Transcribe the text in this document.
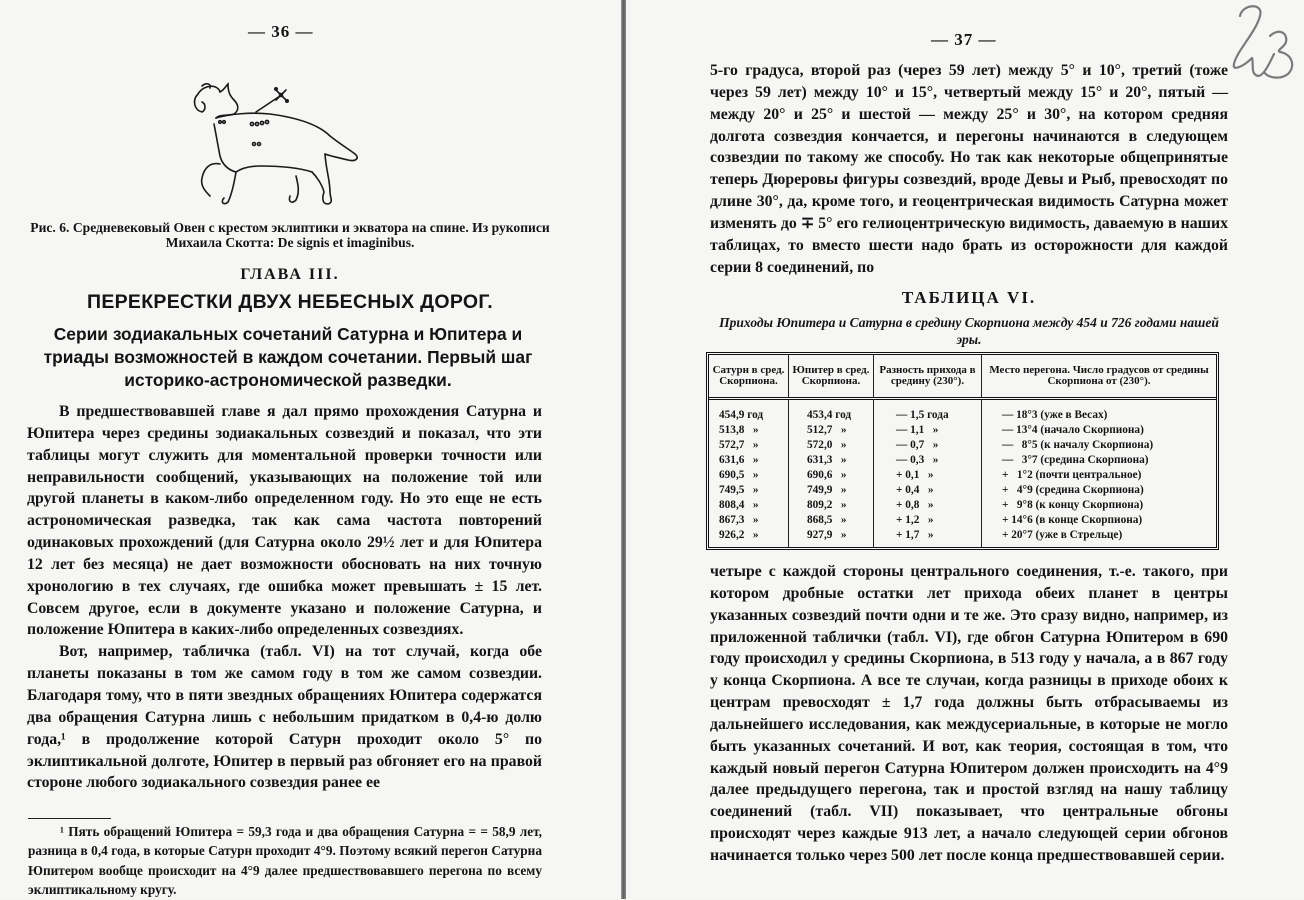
— 36 —
Рис. 6. Средневековый Овен с крестом эклиптики и экватора на спине. Из рукописи Михаила Скотта: De signis et imaginibus.
ГЛАВА III.
ПЕРЕКРЕСТКИ ДВУХ НЕБЕСНЫХ ДОРОГ.
Серии зодиакальных сочетаний Сатурна и Юпитера и триады возможностей в каждом сочетании. Первый шаг историко-астрономической разведки.

В предшествовавшей главе я дал прямо прохождения Сатурна и Юпитера через средины зодиакальных созвездий и показал, что эти таблицы могут служить для моментальной проверки точности или неправильности сообщений, указывающих на положение той или другой планеты в каком-либо определенном году. Но это еще не есть астрономическая разведка, так как сама частота повторений одинаковых прохождений (для Сатурна около 29½ лет и для Юпитера 12 лет без месяца) не дает возможности обосновать на них точную хронологию в тех случаях, где ошибка может превышать ± 15 лет. Совсем другое, если в документе указано и положение Сатурна, и положение Юпитера в каких-либо определенных созвездиях.

Вот, например, табличка (табл. VI) на тот случай, когда обе планеты показаны в том же самом году в том же самом созвездии. Благодаря тому, что в пяти звездных обращениях Юпитера содержатся два обращения Сатурна лишь с небольшим придатком в 0,4-ю долю года,¹ в продолжение которой Сатурн проходит около 5° по эклиптикальной долготе, Юпитер в первый раз обгоняет его на правой стороне любого зодиакального созвездия ранее ее

¹ Пять обращений Юпитера = 59,3 года и два обращения Сатурна = = 58,9 лет, разница в 0,4 года, в которые Сатурн проходит 4°9. Поэтому всякий перегон Сатурна Юпитером вообще происходит на 4°9 далее предшествовавшего перегона по всему эклиптикальному кругу.
— 37 —
5-го градуса, второй раз (через 59 лет) между 5° и 10°, третий (тоже через 59 лет) между 10° и 15°, четвертый между 15° и 20°, пятый — между 20° и 25° и шестой — между 25° и 30°, на котором средняя долгота созвездия кончается, и перегоны начинаются в следующем созвездии по такому же способу. Но так как некоторые общепринятые теперь Дюреровы фигуры созвездий, вроде Девы и Рыб, превосходят по длине 30°, да, кроме того, и геоцентрическая видимость Сатурна может изменять до ∓ 5° его гелиоцентрическую видимость, даваемую в наших таблицах, то вместо шести надо брать из осторожности для каждой серии 8 соединений, по
ТАБЛИЦА VI.
Приходы Юпитера и Сатурна в средину Скорпиона между 454 и 726 годами нашей эры.
Сатурн в сред. Скорпиона.
Юпитер в сред. Скорпиона.
Разность прихода в средину (230°).
Место перегона. Число градусов от средины Скорпиона от (230°).
454,9 год
513,8   »
572,7   »
631,6   »
690,5   »
749,5   »
808,4   »
867,3   »
926,2   »
453,4 год
512,7   »
572,0   »
631,3   »
690,6   »
749,9   »
809,2   »
868,5   »
927,9   »
— 1,5 года
— 1,1   »
— 0,7   »
— 0,3   »
+ 0,1   »
+ 0,4   »
+ 0,8   »
+ 1,2   »
+ 1,7   »
— 18°3 (уже в Весах)
— 13°4 (начало Скорпиона)
—   8°5 (к началу Скорпиона)
—   3°7 (средина Скорпиона)
+   1°2 (почти центральное)
+   4°9 (средина Скорпиона)
+   9°8 (к концу Скорпиона)
+ 14°6 (в конце Скорпиона)
+ 20°7 (уже в Стрельце)
четыре с каждой стороны центрального соединения, т.-е. такого, при котором дробные остатки лет прихода обеих планет в центры указанных созвездий почти одни и те же. Это сразу видно, например, из приложенной таблички (табл. VI), где обгон Сатурна Юпитером в 690 году происходил у средины Скорпиона, в 513 году у начала, а в 867 году у конца Скорпиона. А все те случаи, когда разницы в приходе обоих к центрам превосходят ± 1,7 года должны быть отбрасываемы из дальнейшего исследования, как междусериальные, в которые не могло быть указанных сочетаний. И вот, как теория, состоящая в том, что каждый новый перегон Сатурна Юпитером должен происходить на 4°9 далее предыдущего перегона, так и простой взгляд на нашу таблицу соединений (табл. VII) показывает, что центральные обгоны происходят через каждые 913 лет, а начало следующей серии обгонов начинается только через 500 лет после конца предшествовавшей серии.
